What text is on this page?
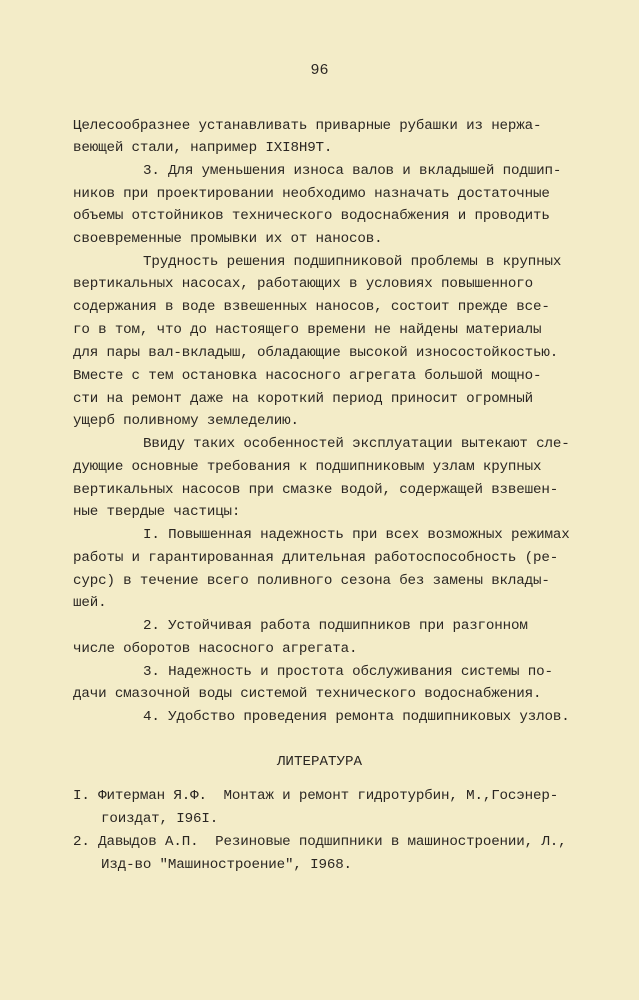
96
Целесообразнее устанавливать приварные рубашки из нержа-
веющей стали, например IXI8H9T.
3. Для уменьшения износа валов и вкладышей подшип-
ников при проектировании необходимо назначать достаточные
объемы отстойников технического водоснабжения и проводить
своевременные промывки их от наносов.
Трудность решения подшипниковой проблемы в крупных
вертикальных насосах, работающих в условиях повышенного
содержания в воде взвешенных наносов, состоит прежде все-
го в том, что до настоящего времени не найдены материалы
для пары вал-вкладыш, обладающие высокой износостойкостью.
Вместе с тем остановка насосного агрегата большой мощно-
сти на ремонт даже на короткий период приносит огромный
ущерб поливному земледелию.
Ввиду таких особенностей эксплуатации вытекают сле-
дующие основные требования к подшипниковым узлам крупных
вертикальных насосов при смазке водой, содержащей взвешен-
ные твердые частицы:
I. Повышенная надежность при всех возможных режимах
работы и гарантированная длительная работоспособность (ре-
сурс) в течение всего поливного сезона без замены вклады-
шей.
2. Устойчивая работа подшипников при разгонном
числе оборотов насосного агрегата.
3. Надежность и простота обслуживания системы по-
дачи смазочной воды системой технического водоснабжения.
4. Удобство проведения ремонта подшипниковых узлов.
ЛИТЕРАТУРА
I. Фитерман Я.Ф.  Монтаж и ремонт гидротурбин, М.,Госэнер-
гоиздат, I96I.
2. Давыдов А.П.  Резиновые подшипники в машиностроении, Л.,
Изд-во "Машиностроение", I968.
